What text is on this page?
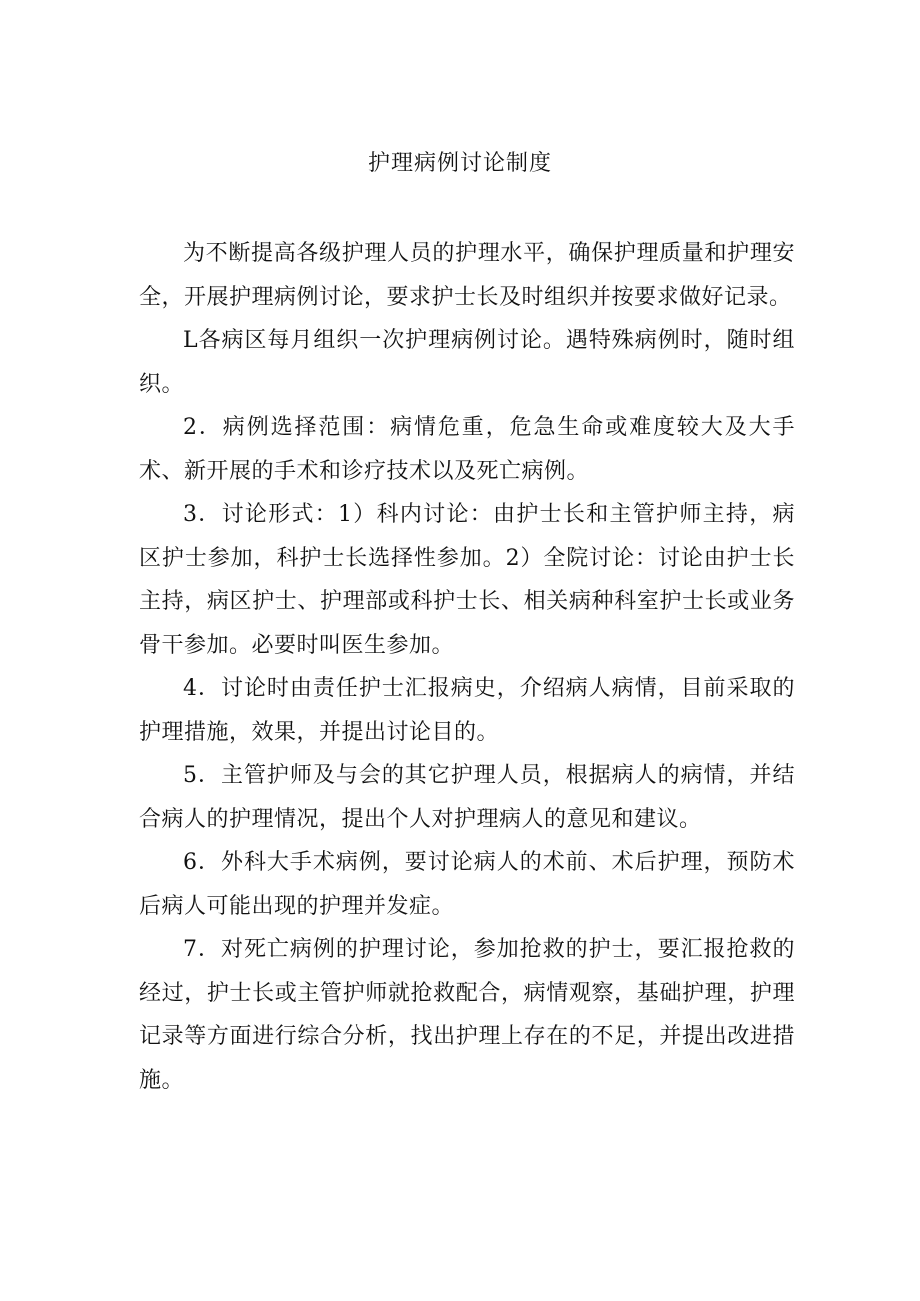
护理病例讨论制度

为不断提高各级护理人员的护理水平，确保护理质量和护理安全，开展护理病例讨论，要求护士长及时组织并按要求做好记录。

L各病区每月组织一次护理病例讨论。遇特殊病例时，随时组织。

2．病例选择范围：病情危重，危急生命或难度较大及大手术、新开展的手术和诊疗技术以及死亡病例。

3．讨论形式：1）科内讨论：由护士长和主管护师主持，病区护士参加，科护士长选择性参加。2）全院讨论：讨论由护士长主持，病区护士、护理部或科护士长、相关病种科室护士长或业务骨干参加。必要时叫医生参加。

4．讨论时由责任护士汇报病史，介绍病人病情，目前采取的护理措施，效果，并提出讨论目的。

5．主管护师及与会的其它护理人员，根据病人的病情，并结合病人的护理情况，提出个人对护理病人的意见和建议。

6．外科大手术病例，要讨论病人的术前、术后护理，预防术后病人可能出现的护理并发症。

7．对死亡病例的护理讨论，参加抢救的护士，要汇报抢救的经过，护士长或主管护师就抢救配合，病情观察，基础护理，护理记录等方面进行综合分析，找出护理上存在的不足，并提出改进措施。
